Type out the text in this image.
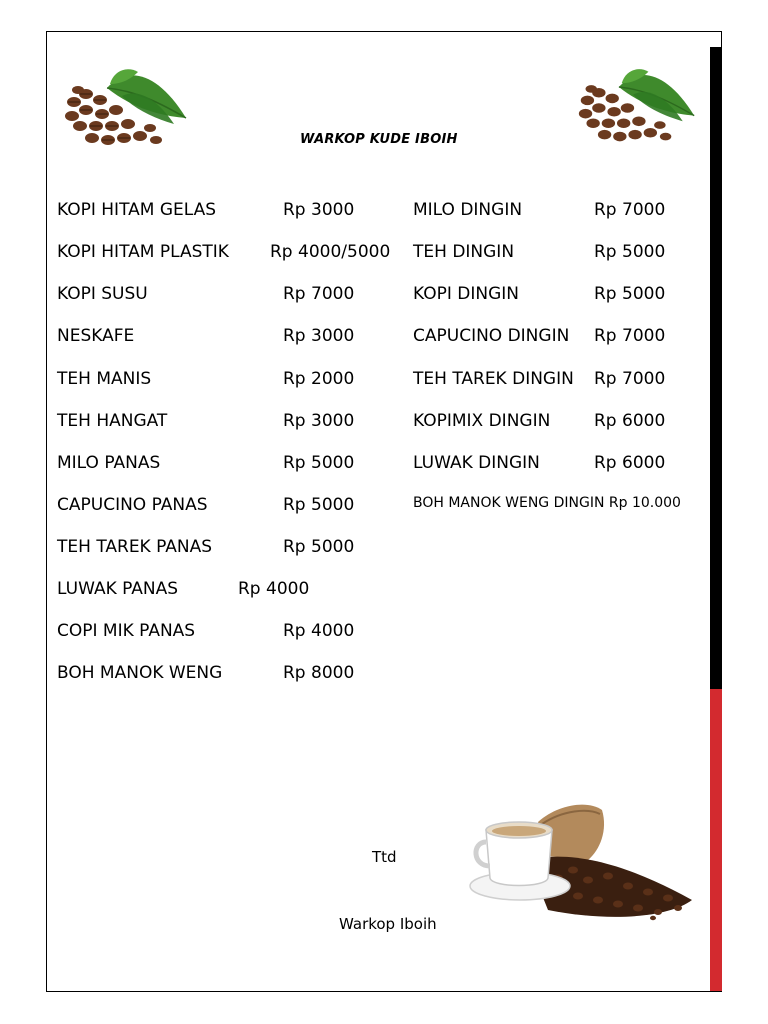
WARKOP KUDE IBOIH
KOPI HITAM GELAS	Rp 3000
KOPI HITAM PLASTIK Rp 4000/5000
KOPI SUSU	Rp 7000
NESKAFE	Rp 3000
TEH MANIS	Rp 2000
TEH HANGAT	Rp 3000
MILO PANAS	Rp 5000
CAPUCINO PANAS	Rp 5000
TEH TAREK PANAS	Rp 5000
LUWAK PANAS	Rp 4000
COPI MIK PANAS	Rp 4000
BOH MANOK WENG	Rp 8000
MILO DINGIN	Rp 7000
TEH DINGIN	Rp 5000
KOPI DINGIN	Rp 5000
CAPUCINO DINGIN Rp 7000
TEH TAREK DINGIN Rp 7000
KOPIMIX DINGIN	Rp 6000
LUWAK DINGIN	Rp 6000
BOH MANOK WENG DINGIN Rp 10.000
Ttd
Warkop Iboih
